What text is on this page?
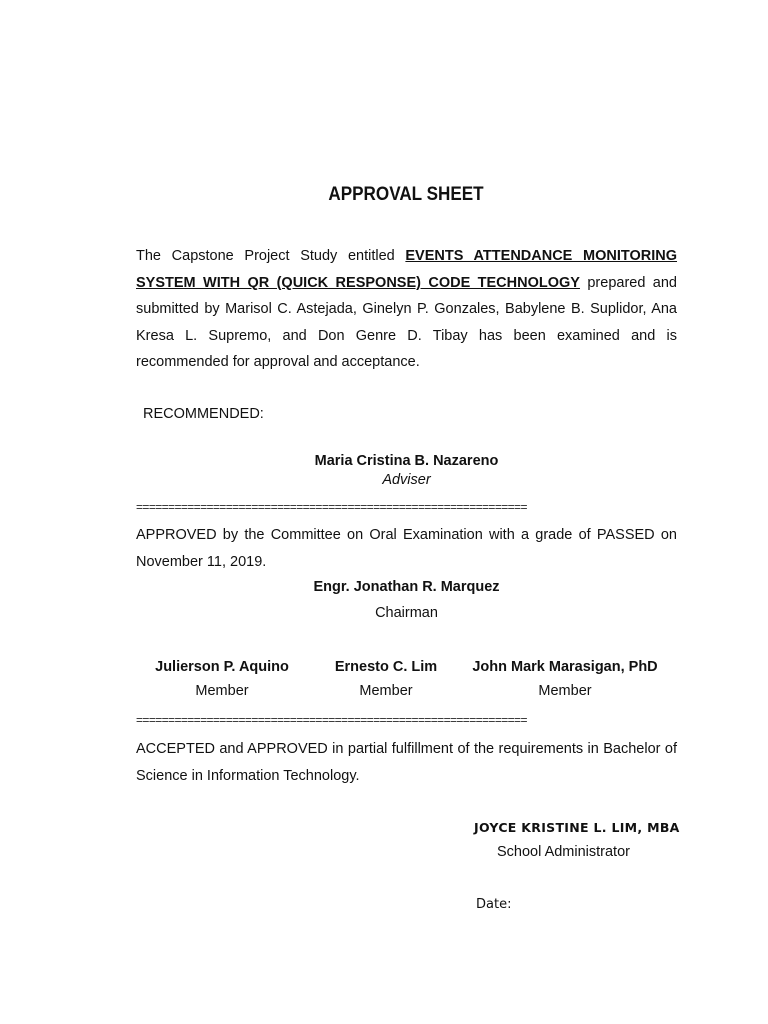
APPROVAL SHEET
The Capstone Project Study entitled EVENTS ATTENDANCE MONITORING SYSTEM WITH QR (QUICK RESPONSE) CODE TECHNOLOGY prepared and submitted by Marisol C. Astejada, Ginelyn P. Gonzales, Babylene B. Suplidor, Ana Kresa L. Supremo, and Don Genre D. Tibay has been examined and is recommended for approval and acceptance.
RECOMMENDED:
Maria Cristina B. Nazareno
Adviser
=============================================================
APPROVED by the Committee on Oral Examination with a grade of PASSED on November 11, 2019.
Engr. Jonathan R. Marquez
Chairman
Julierson P. Aquino
Member
Ernesto C. Lim
Member
John Mark Marasigan, PhD
Member
=============================================================
ACCEPTED and APPROVED in partial fulfillment of the requirements in Bachelor of Science in Information Technology.
JOYCE KRISTINE L. LIM, MBA
School Administrator
Date:
